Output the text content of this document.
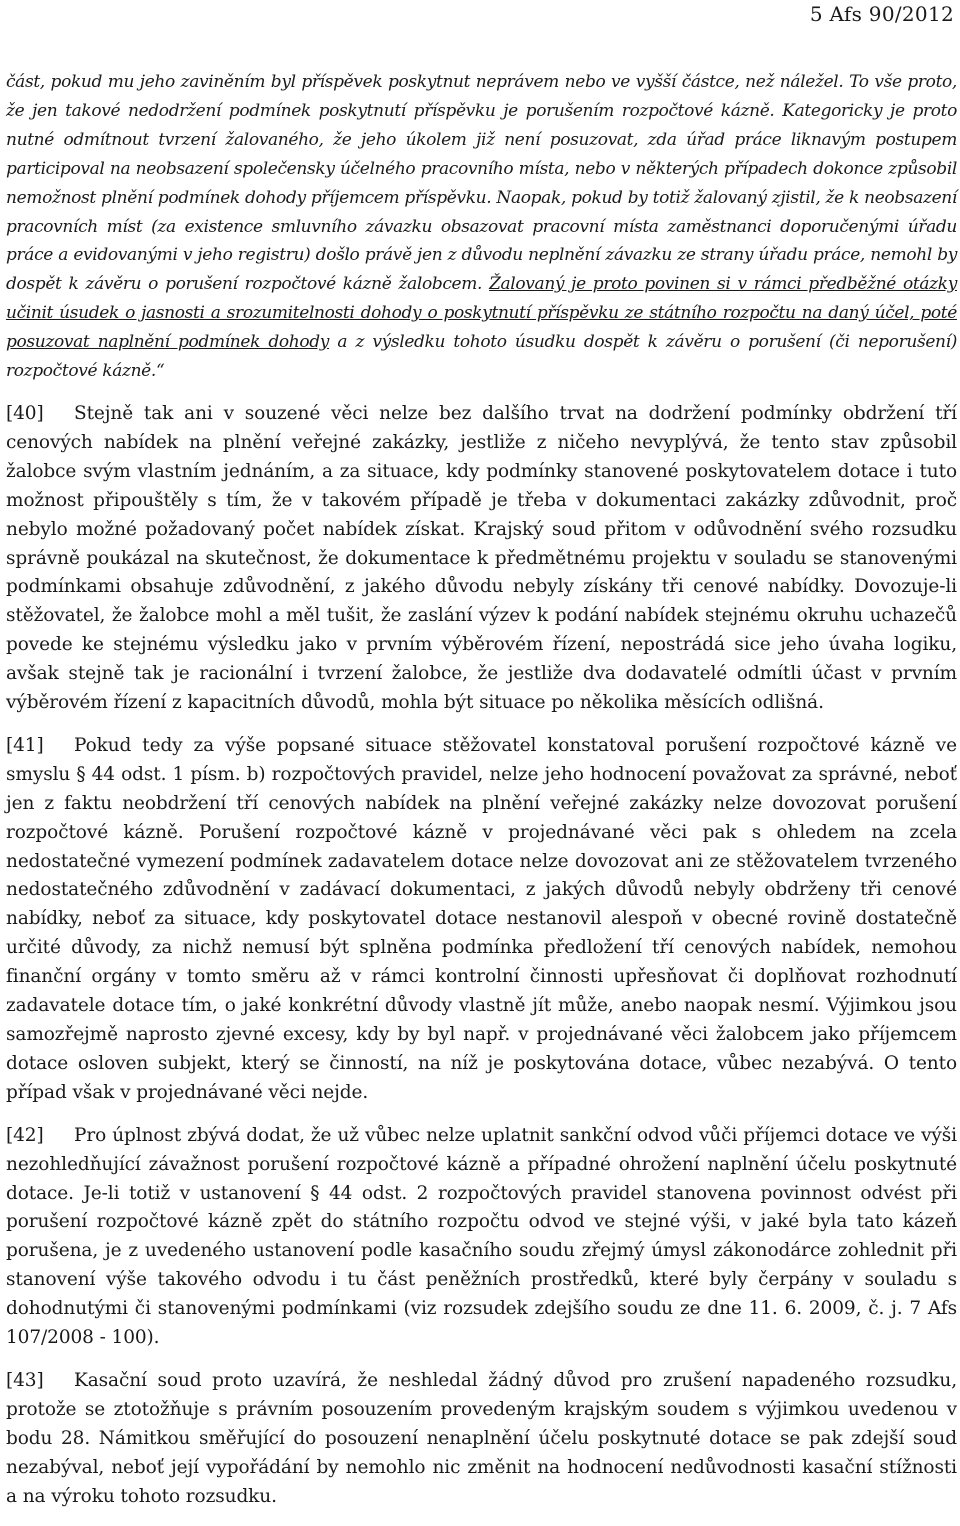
5 Afs 90/2012

část, pokud mu jeho zaviněním byl příspěvek poskytnut neprávem nebo ve vyšší částce, než náležel. To vše proto, že jen takové nedodržení podmínek poskytnutí příspěvku je porušením rozpočtové kázně. Kategoricky je proto nutné odmítnout tvrzení žalovaného, že jeho úkolem již není posuzovat, zda úřad práce liknavým postupem participoval na neobsazení společensky účelného pracovního místa, nebo v některých případech dokonce způsobil nemožnost plnění podmínek dohody příjemcem příspěvku. Naopak, pokud by totiž žalovaný zjistil, že k neobsazení pracovních míst (za existence smluvního závazku obsazovat pracovní místa zaměstnanci doporučenými úřadu práce a evidovanými v jeho registru) došlo právě jen z důvodu neplnění závazku ze strany úřadu práce, nemohl by dospět k závěru o porušení rozpočtové kázně žalobcem. Žalovaný je proto povinen si v rámci předběžné otázky učinit úsudek o jasnosti a srozumitelnosti dohody o poskytnutí příspěvku ze státního rozpočtu na daný účel, poté posuzovat naplnění podmínek dohody a z výsledku tohoto úsudku dospět k závěru o porušení (či neporušení) rozpočtové kázně.“

[40] Stejně tak ani v souzené věci nelze bez dalšího trvat na dodržení podmínky obdržení tří cenových nabídek na plnění veřejné zakázky, jestliže z ničeho nevyplývá, že tento stav způsobil žalobce svým vlastním jednáním, a za situace, kdy podmínky stanovené poskytovatelem dotace i tuto možnost připouštěly s tím, že v takovém případě je třeba v dokumentaci zakázky zdůvodnit, proč nebylo možné požadovaný počet nabídek získat. Krajský soud přitom v odůvodnění svého rozsudku správně poukázal na skutečnost, že dokumentace k předmětnému projektu v souladu se stanovenými podmínkami obsahuje zdůvodnění, z jakého důvodu nebyly získány tři cenové nabídky. Dovozuje-li stěžovatel, že žalobce mohl a měl tušit, že zaslání výzev k podání nabídek stejnému okruhu uchazečů povede ke stejnému výsledku jako v prvním výběrovém řízení, nepostrádá sice jeho úvaha logiku, avšak stejně tak je racionální i tvrzení žalobce, že jestliže dva dodavatelé odmítli účast v prvním výběrovém řízení z kapacitních důvodů, mohla být situace po několika měsících odlišná.

[41] Pokud tedy za výše popsané situace stěžovatel konstatoval porušení rozpočtové kázně ve smyslu § 44 odst. 1 písm. b) rozpočtových pravidel, nelze jeho hodnocení považovat za správné, neboť jen z faktu neobdržení tří cenových nabídek na plnění veřejné zakázky nelze dovozovat porušení rozpočtové kázně. Porušení rozpočtové kázně v projednávané věci pak s ohledem na zcela nedostatečné vymezení podmínek zadavatelem dotace nelze dovozovat ani ze stěžovatelem tvrzeného nedostatečného zdůvodnění v zadávací dokumentaci, z jakých důvodů nebyly obdrženy tři cenové nabídky, neboť za situace, kdy poskytovatel dotace nestanovil alespoň v obecné rovině dostatečně určité důvody, za nichž nemusí být splněna podmínka předložení tří cenových nabídek, nemohou finanční orgány v tomto směru až v rámci kontrolní činnosti upřesňovat či doplňovat rozhodnutí zadavatele dotace tím, o jaké konkrétní důvody vlastně jít může, anebo naopak nesmí. Výjimkou jsou samozřejmě naprosto zjevné excesy, kdy by byl např. v projednávané věci žalobcem jako příjemcem dotace osloven subjekt, který se činností, na níž je poskytována dotace, vůbec nezabývá. O tento případ však v projednávané věci nejde.

[42] Pro úplnost zbývá dodat, že už vůbec nelze uplatnit sankční odvod vůči příjemci dotace ve výši nezohledňující závažnost porušení rozpočtové kázně a případné ohrožení naplnění účelu poskytnuté dotace. Je-li totiž v ustanovení § 44 odst. 2 rozpočtových pravidel stanovena povinnost odvést při porušení rozpočtové kázně zpět do státního rozpočtu odvod ve stejné výši, v jaké byla tato kázeň porušena, je z uvedeného ustanovení podle kasačního soudu zřejmý úmysl zákonodárce zohlednit při stanovení výše takového odvodu i tu část peněžních prostředků, které byly čerpány v souladu s dohodnutými či stanovenými podmínkami (viz rozsudek zdejšího soudu ze dne 11. 6. 2009, č. j. 7 Afs 107/2008 - 100).

[43] Kasační soud proto uzavírá, že neshledal žádný důvod pro zrušení napadeného rozsudku, protože se ztotožňuje s právním posouzením provedeným krajským soudem s výjimkou uvedenou v bodu 28. Námitkou směřující do posouzení nenaplnění účelu poskytnuté dotace se pak zdejší soud nezabýval, neboť její vypořádání by nemohlo nic změnit na hodnocení nedůvodnosti kasační stížnosti a na výroku tohoto rozsudku.
